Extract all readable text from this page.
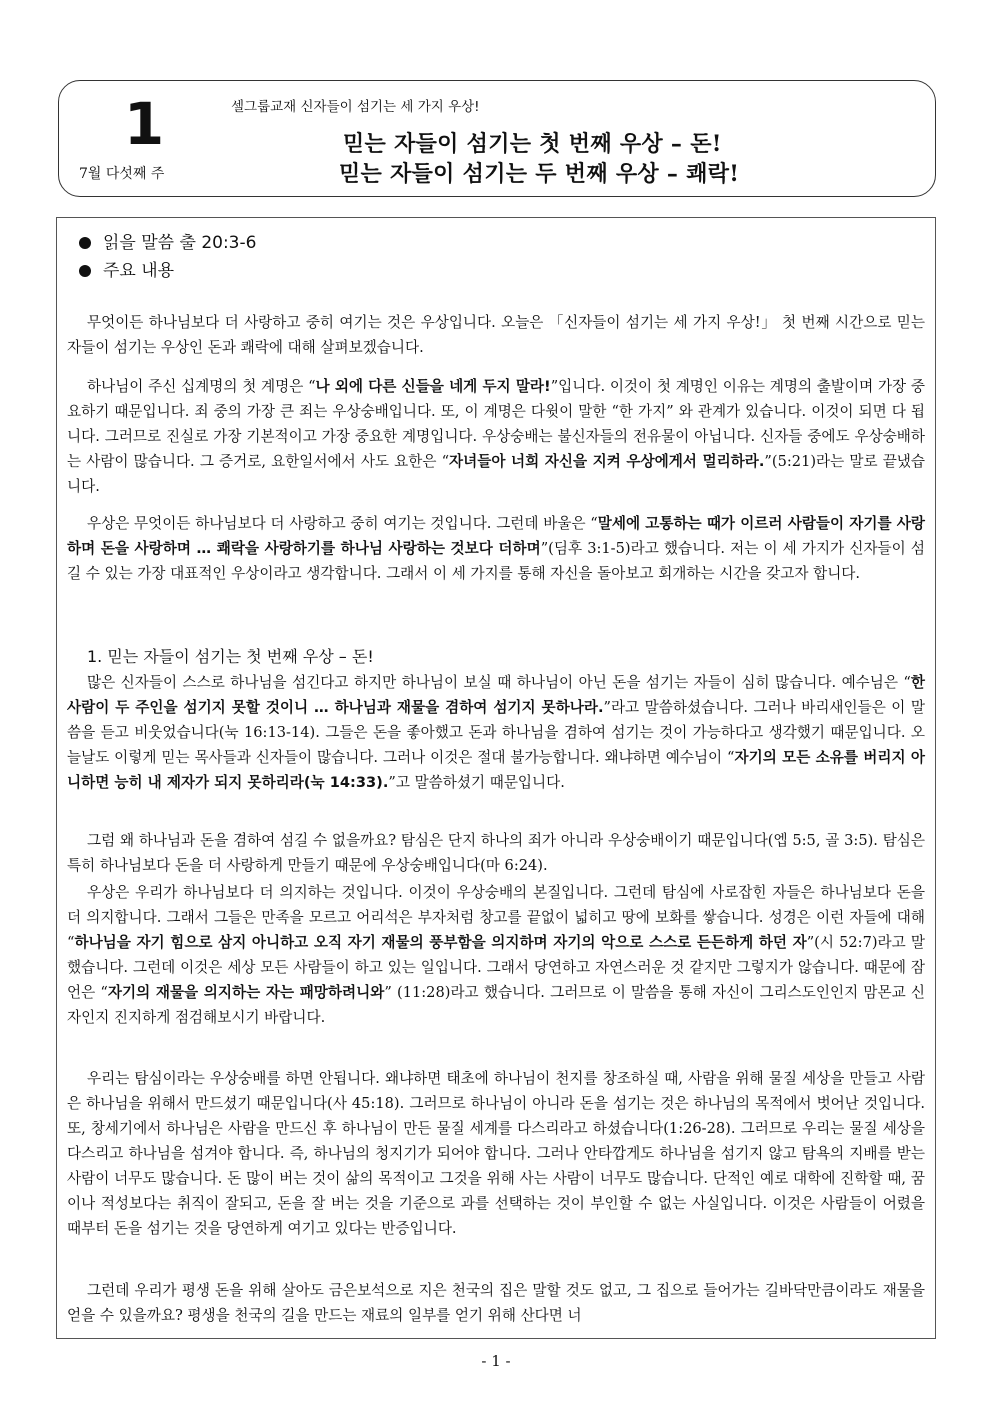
1
7월 다섯째 주
셀그룹교재 신자들이 섬기는 세 가지 우상!
믿는 자들이 섬기는 첫 번째 우상 – 돈!
믿는 자들이 섬기는 두 번째 우상 – 쾌락!
읽을 말씀 출 20:3-6
주요 내용

무엇이든 하나님보다 더 사랑하고 중히 여기는 것은 우상입니다. 오늘은 「신자들이 섬기는 세 가지 우상!」 첫 번째 시간으로 믿는 자들이 섬기는 우상인 돈과 쾌락에 대해 살펴보겠습니다.

하나님이 주신 십계명의 첫 계명은 “나 외에 다른 신들을 네게 두지 말라!”입니다. 이것이 첫 계명인 이유는 계명의 출발이며 가장 중요하기 때문입니다. 죄 중의 가장 큰 죄는 우상숭배입니다. 또, 이 계명은 다윗이 말한 “한 가지” 와 관계가 있습니다. 이것이 되면 다 됩니다. 그러므로 진실로 가장 기본적이고 가장 중요한 계명입니다. 우상숭배는 불신자들의 전유물이 아닙니다. 신자들 중에도 우상숭배하는 사람이 많습니다. 그 증거로, 요한일서에서 사도 요한은 “자녀들아 너희 자신을 지켜 우상에게서 멀리하라.”(5:21)라는 말로 끝냈습니다.

우상은 무엇이든 하나님보다 더 사랑하고 중히 여기는 것입니다. 그런데 바울은 “말세에 고통하는 때가 이르러 사람들이 자기를 사랑하며 돈을 사랑하며 … 쾌락을 사랑하기를 하나님 사랑하는 것보다 더하며”(딤후 3:1-5)라고 했습니다. 저는 이 세 가지가 신자들이 섬길 수 있는 가장 대표적인 우상이라고 생각합니다. 그래서 이 세 가지를 통해 자신을 돌아보고 회개하는 시간을 갖고자 합니다.

1. 믿는 자들이 섬기는 첫 번째 우상 – 돈!

많은 신자들이 스스로 하나님을 섬긴다고 하지만 하나님이 보실 때 하나님이 아닌 돈을 섬기는 자들이 심히 많습니다. 예수님은 “한 사람이 두 주인을 섬기지 못할 것이니 … 하나님과 재물을 겸하여 섬기지 못하나라.”라고 말씀하셨습니다. 그러나 바리새인들은 이 말씀을 듣고 비웃었습니다(눅 16:13-14). 그들은 돈을 좋아했고 돈과 하나님을 겸하여 섬기는 것이 가능하다고 생각했기 때문입니다. 오늘날도 이렇게 믿는 목사들과 신자들이 많습니다. 그러나 이것은 절대 불가능합니다. 왜냐하면 예수님이 “자기의 모든 소유를 버리지 아니하면 능히 내 제자가 되지 못하리라(눅 14:33).”고 말씀하셨기 때문입니다.

그럼 왜 하나님과 돈을 겸하여 섬길 수 없을까요? 탐심은 단지 하나의 죄가 아니라 우상숭배이기 때문입니다(엡 5:5, 골 3:5). 탐심은 특히 하나님보다 돈을 더 사랑하게 만들기 때문에 우상숭배입니다(마 6:24).

우상은 우리가 하나님보다 더 의지하는 것입니다. 이것이 우상숭배의 본질입니다. 그런데 탐심에 사로잡힌 자들은 하나님보다 돈을 더 의지합니다. 그래서 그들은 만족을 모르고 어리석은 부자처럼 창고를 끝없이 넓히고 땅에 보화를 쌓습니다. 성경은 이런 자들에 대해 “하나님을 자기 힘으로 삼지 아니하고 오직 자기 재물의 풍부함을 의지하며 자기의 악으로 스스로 든든하게 하던 자”(시 52:7)라고 말했습니다. 그런데 이것은 세상 모든 사람들이 하고 있는 일입니다. 그래서 당연하고 자연스러운 것 같지만 그렇지가 않습니다. 때문에 잠언은 “자기의 재물을 의지하는 자는 패망하려니와” (11:28)라고 했습니다. 그러므로 이 말씀을 통해 자신이 그리스도인인지 맘몬교 신자인지 진지하게 점검해보시기 바랍니다.

우리는 탐심이라는 우상숭배를 하면 안됩니다. 왜냐하면 태초에 하나님이 천지를 창조하실 때, 사람을 위해 물질 세상을 만들고 사람은 하나님을 위해서 만드셨기 때문입니다(사 45:18). 그러므로 하나님이 아니라 돈을 섬기는 것은 하나님의 목적에서 벗어난 것입니다. 또, 창세기에서 하나님은 사람을 만드신 후 하나님이 만든 물질 세계를 다스리라고 하셨습니다(1:26-28). 그러므로 우리는 물질 세상을 다스리고 하나님을 섬겨야 합니다. 즉, 하나님의 청지기가 되어야 합니다. 그러나 안타깝게도 하나님을 섬기지 않고 탐욕의 지배를 받는 사람이 너무도 많습니다. 돈 많이 버는 것이 삶의 목적이고 그것을 위해 사는 사람이 너무도 많습니다. 단적인 예로 대학에 진학할 때, 꿈이나 적성보다는 취직이 잘되고, 돈을 잘 버는 것을 기준으로 과를 선택하는 것이 부인할 수 없는 사실입니다. 이것은 사람들이 어렸을 때부터 돈을 섬기는 것을 당연하게 여기고 있다는 반증입니다.

그런데 우리가 평생 돈을 위해 살아도 금은보석으로 지은 천국의 집은 말할 것도 없고, 그 집으로 들어가는 길바닥만큼이라도 재물을 얻을 수 있을까요? 평생을 천국의 길을 만드는 재료의 일부를 얻기 위해 산다면 너

- 1 -
